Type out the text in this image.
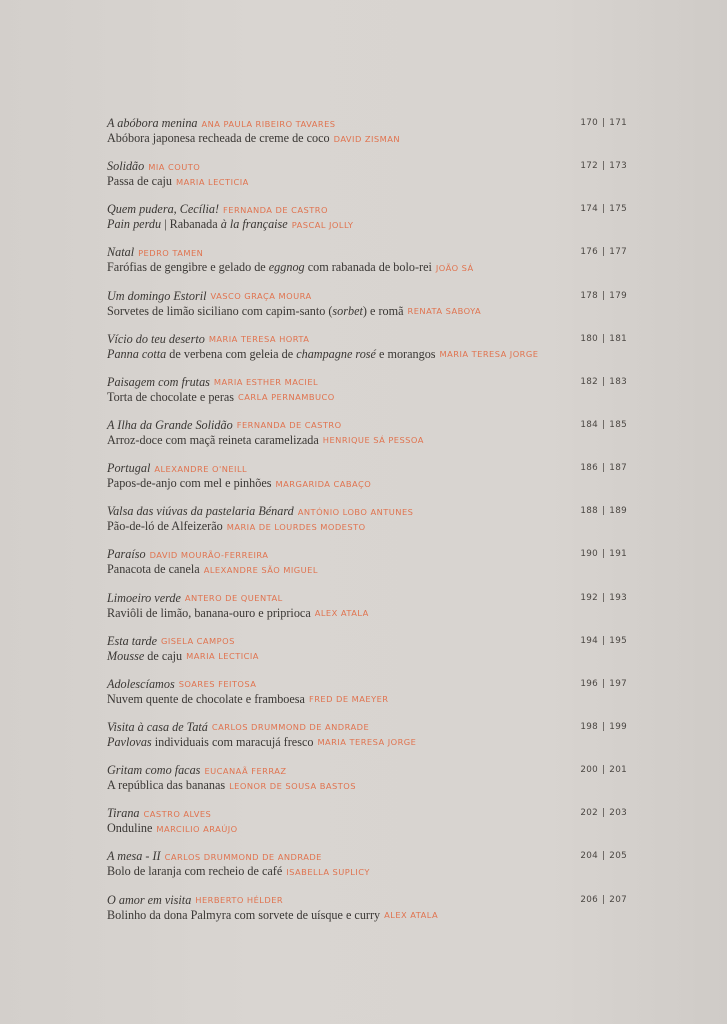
A abóbora menina ANA PAULA RIBEIRO TAVARES
Abóbora japonesa recheada de creme de coco DAVID ZISMAN
170 | 171
Solidão MIA COUTO
Passa de caju MARIA LECTICIA
172 | 173
Quem pudera, Cecília! FERNANDA DE CASTRO
Pain perdu | Rabanada à la française PASCAL JOLLY
174 | 175
Natal PEDRO TAMEN
Farófias de gengibre e gelado de eggnog com rabanada de bolo-rei JOÃO SÁ
176 | 177
Um domingo Estoril VASCO GRAÇA MOURA
Sorvetes de limão siciliano com capim-santo (sorbet) e romã RENATA SABOYA
178 | 179
Vício do teu deserto MARIA TERESA HORTA
Panna cotta de verbena com geleia de champagne rosé e morangos MARIA TERESA JORGE
180 | 181
Paisagem com frutas MARIA ESTHER MACIEL
Torta de chocolate e peras CARLA PERNAMBUCO
182 | 183
A Ilha da Grande Solidão FERNANDA DE CASTRO
Arroz-doce com maçã reineta caramelizada HENRIQUE SÁ PESSOA
184 | 185
Portugal ALEXANDRE O'NEILL
Papos-de-anjo com mel e pinhões MARGARIDA CABAÇO
186 | 187
Valsa das viúvas da pastelaria Bénard ANTÓNIO LOBO ANTUNES
Pão-de-ló de Alfeizerão MARIA DE LOURDES MODESTO
188 | 189
Paraíso DAVID MOURÃO-FERREIRA
Panacota de canela ALEXANDRE SÃO MIGUEL
190 | 191
Limoeiro verde ANTERO DE QUENTAL
Raviôli de limão, banana-ouro e priprioca ALEX ATALA
192 | 193
Esta tarde GISELA CAMPOS
Mousse de caju MARIA LECTICIA
194 | 195
Adolescíamos SOARES FEITOSA
Nuvem quente de chocolate e framboesa FRED DE MAEYER
196 | 197
Visita à casa de Tatá CARLOS DRUMMOND DE ANDRADE
Pavlovas individuais com maracujá fresco MARIA TERESA JORGE
198 | 199
Gritam como facas EUCANAÃ FERRAZ
A república das bananas LEONOR DE SOUSA BASTOS
200 | 201
Tirana CASTRO ALVES
Onduline MARCILIO ARAÚJO
202 | 203
A mesa - II CARLOS DRUMMOND DE ANDRADE
Bolo de laranja com recheio de café ISABELLA SUPLICY
204 | 205
O amor em visita HERBERTO HÉLDER
Bolinho da dona Palmyra com sorvete de uísque e curry ALEX ATALA
206 | 207
